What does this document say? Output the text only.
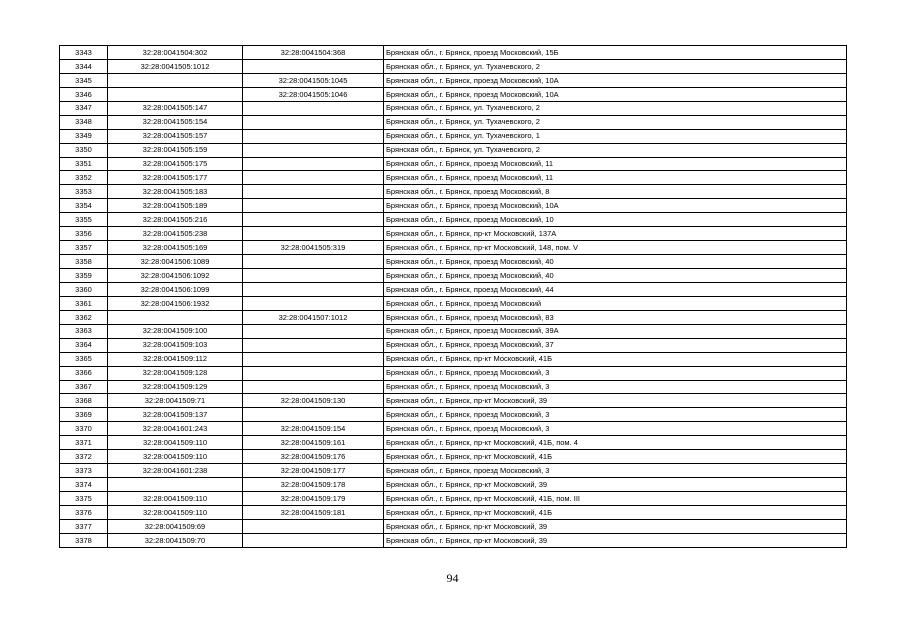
3343	32:28:0041504:302	32:28:0041504:368	Брянская обл., г. Брянск, проезд Московский, 15Б
3344	32:28:0041505:1012		Брянская обл., г. Брянск, ул. Тухачевского, 2
3345		32:28:0041505:1045	Брянская обл., г. Брянск, проезд Московский, 10А
3346		32:28:0041505:1046	Брянская обл., г. Брянск, проезд Московский, 10А
3347	32:28:0041505:147		Брянская обл., г. Брянск, ул. Тухачевского, 2
3348	32:28:0041505:154		Брянская обл., г. Брянск, ул. Тухачевского, 2
3349	32:28:0041505:157		Брянская обл., г. Брянск, ул. Тухачевского, 1
3350	32:28:0041505:159		Брянская обл., г. Брянск, ул. Тухачевского, 2
3351	32:28:0041505:175		Брянская обл., г. Брянск, проезд Московский, 11
3352	32:28:0041505:177		Брянская обл., г. Брянск, проезд Московский, 11
3353	32:28:0041505:183		Брянская обл., г. Брянск, проезд Московский, 8
3354	32:28:0041505:189		Брянская обл., г. Брянск, проезд Московский, 10А
3355	32:28:0041505:216		Брянская обл., г. Брянск, проезд Московский, 10
3356	32:28:0041505:238		Брянская обл., г. Брянск, пр-кт Московский, 137А
3357	32:28:0041505:169	32:28:0041505:319	Брянская обл., г. Брянск, пр-кт Московский, 148, пом. V
3358	32:28:0041506:1089		Брянская обл., г. Брянск, проезд Московский, 40
3359	32:28:0041506:1092		Брянская обл., г. Брянск, проезд Московский, 40
3360	32:28:0041506:1099		Брянская обл., г. Брянск, проезд Московский, 44
3361	32:28:0041506:1932		Брянская обл., г. Брянск, проезд Московский
3362		32:28:0041507:1012	Брянская обл., г. Брянск, проезд Московский, 83
3363	32:28:0041509:100		Брянская обл., г. Брянск, проезд Московский, 39А
3364	32:28:0041509:103		Брянская обл., г. Брянск, проезд Московский, 37
3365	32:28:0041509:112		Брянская обл., г. Брянск, пр-кт Московский, 41Б
3366	32:28:0041509:128		Брянская обл., г. Брянск, проезд Московский, 3
3367	32:28:0041509:129		Брянская обл., г. Брянск, проезд Московский, 3
3368	32:28:0041509:71	32:28:0041509:130	Брянская обл., г. Брянск, пр-кт Московский, 39
3369	32:28:0041509:137		Брянская обл., г. Брянск, проезд Московский, 3
3370	32:28:0041601:243	32:28:0041509:154	Брянская обл., г. Брянск, проезд Московский, 3
3371	32:28:0041509:110	32:28:0041509:161	Брянская обл., г. Брянск, пр-кт Московский, 41Б, пом. 4
3372	32:28:0041509:110	32:28:0041509:176	Брянская обл., г. Брянск, пр-кт Московский, 41Б
3373	32:28:0041601:238	32:28:0041509:177	Брянская обл., г. Брянск, проезд Московский, 3
3374		32:28:0041509:178	Брянская обл., г. Брянск, пр-кт Московский, 39
3375	32:28:0041509:110	32:28:0041509:179	Брянская обл., г. Брянск, пр-кт Московский, 41Б, пом. III
3376	32:28:0041509:110	32:28:0041509:181	Брянская обл., г. Брянск, пр-кт Московский, 41Б
3377	32:28:0041509:69		Брянская обл., г. Брянск, пр-кт Московский, 39
3378	32:28:0041509:70		Брянская обл., г. Брянск, пр-кт Московский, 39
94
